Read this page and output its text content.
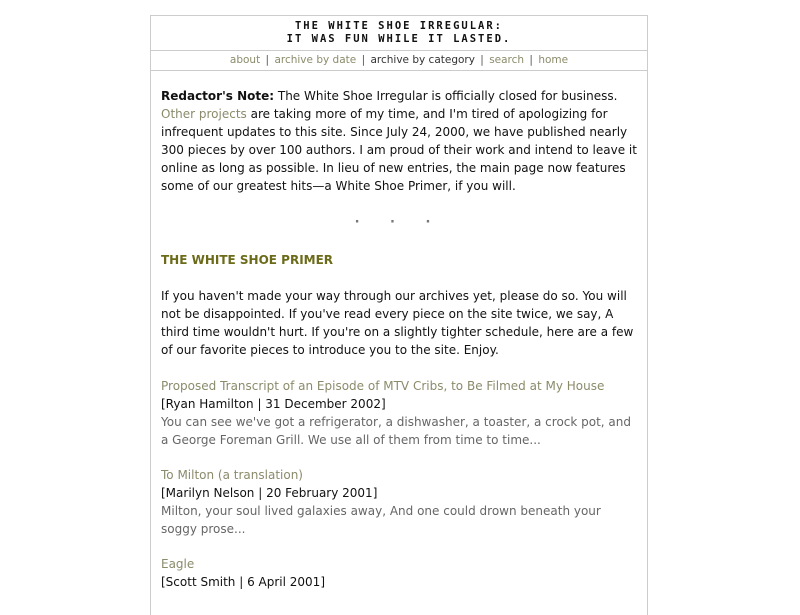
THE WHITE SHOE IRREGULAR:
IT WAS FUN WHILE IT LASTED.
about | archive by date | archive by category | search | home

Redactor's Note: The White Shoe Irregular is officially closed for business.
Other projects are taking more of my time, and I'm tired of apologizing for infrequent updates to this site. Since July 24, 2000, we have published nearly 300 pieces by over 100 authors. I am proud of their work and intend to leave it online as long as possible. In lieu of new entries, the main page now features some of our greatest hits—a White Shoe Primer, if you will.

· · ·
THE WHITE SHOE PRIMER

If you haven't made your way through our archives yet, please do so. You will not be disappointed. If you've read every piece on the site twice, we say, A third time wouldn't hurt. If you're on a slightly tighter schedule, here are a few of our favorite pieces to introduce you to the site. Enjoy.

Proposed Transcript of an Episode of MTV Cribs, to Be Filmed at My House
[Ryan Hamilton | 31 December 2002]
You can see we've got a refrigerator, a dishwasher, a toaster, a crock pot, and a George Foreman Grill. We use all of them from time to time...
To Milton (a translation)
[Marilyn Nelson | 20 February 2001]
Milton, your soul lived galaxies away, And one could drown beneath your soggy prose...
Eagle
[Scott Smith | 6 April 2001]
